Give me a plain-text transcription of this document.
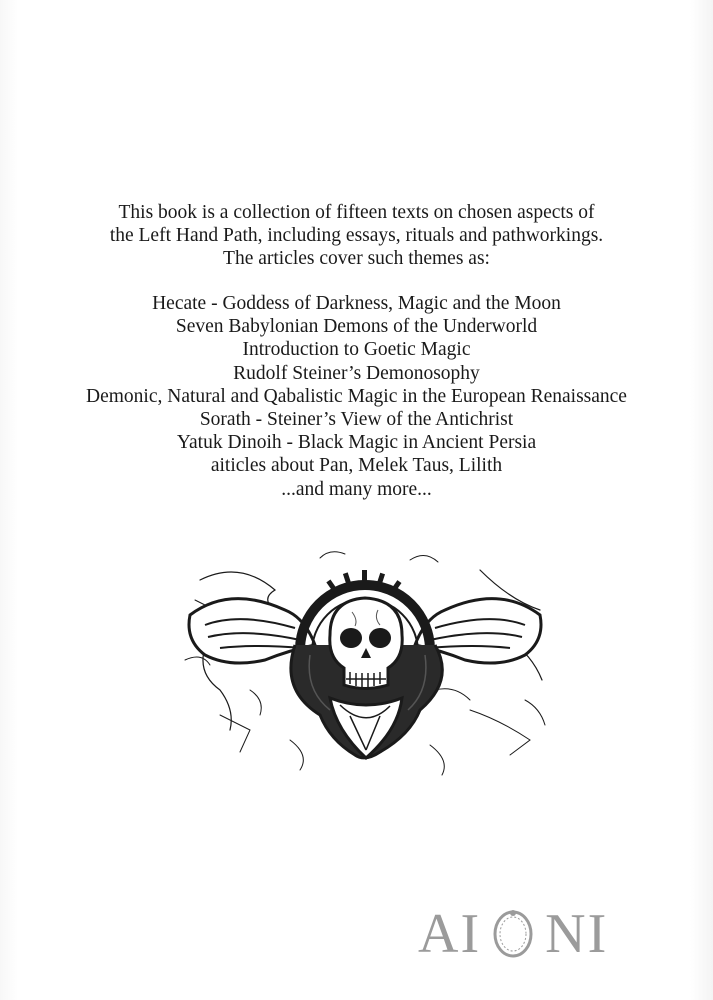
This book is a collection of fifteen texts on chosen aspects of
the Left Hand Path, including essays, rituals and pathworkings.
The articles cover such themes as:
Hecate - Goddess of Darkness, Magic and the Moon
Seven Babylonian Demons of the Underworld
Introduction to Goetic Magic
Rudolf Steiner’s Demonosophy
Demonic, Natural and Qabalistic Magic in the European Renaissance
Sorath - Steiner’s View of the Antichrist
Yatuk Dinoih - Black Magic in Ancient Persia
aiticles about Pan, Melek Taus, Lilith
...and many more...
A I N I
